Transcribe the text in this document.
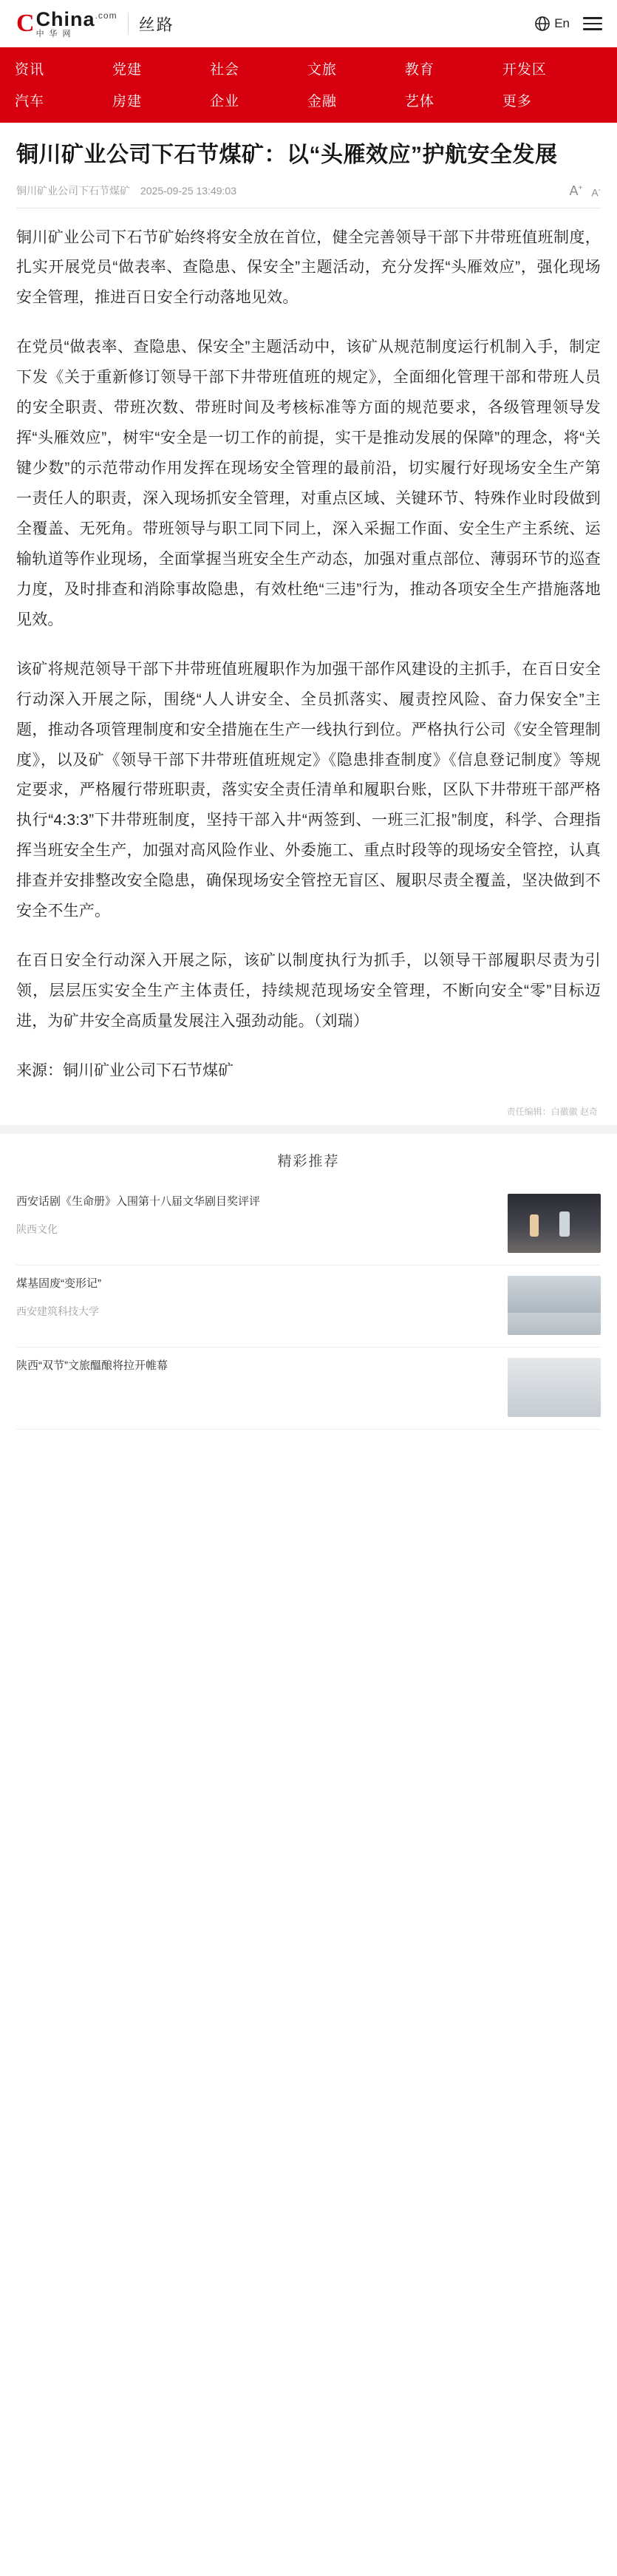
C China$^{.com}$
中华网
丝路	En
资讯	党建	社会	文旅	教育	开发区
汽车	房建	企业	金融	艺体	更多
铜川矿业公司下石节煤矿：以“头雁效应”护航安全发展
铜川矿业公司下石节煤矿 2025-09-25 13:49:03	A+ A-

铜川矿业公司下石节矿始终将安全放在首位，健全完善领导干部下井带班值班制度，扎实开展党员“做表率、查隐患、保安全”主题活动，充分发挥“头雁效应”，强化现场安全管理，推进百日安全行动落地见效。

在党员“做表率、查隐患、保安全”主题活动中，该矿从规范制度运行机制入手，制定下发《关于重新修订领导干部下井带班值班的规定》，全面细化管理干部和带班人员的安全职责、带班次数、带班时间及考核标准等方面的规范要求，各级管理领导发挥“头雁效应”，树牢“安全是一切工作的前提，实干是推动发展的保障”的理念，将“关键少数”的示范带动作用发挥在现场安全管理的最前沿，切实履行好现场安全生产第一责任人的职责，深入现场抓安全管理，对重点区域、关键环节、特殊作业时段做到全覆盖、无死角。带班领导与职工同下同上，深入采掘工作面、安全生产主系统、运输轨道等作业现场，全面掌握当班安全生产动态，加强对重点部位、薄弱环节的巡查力度，及时排查和消除事故隐患，有效杜绝“三违”行为，推动各项安全生产措施落地见效。

该矿将规范领导干部下井带班值班履职作为加强干部作风建设的主抓手，在百日安全行动深入开展之际，围绕“人人讲安全、全员抓落实、履责控风险、奋力保安全”主题，推动各项管理制度和安全措施在生产一线执行到位。严格执行公司《安全管理制度》，以及矿《领导干部下井带班值班规定》《隐患排查制度》《信息登记制度》等规定要求，严格履行带班职责，落实安全责任清单和履职台账，区队下井带班干部严格执行“4:3:3”下井带班制度，坚持干部入井“两签到、一班三汇报”制度，科学、合理指挥当班安全生产，加强对高风险作业、外委施工、重点时段等的现场安全管控，认真排查并安排整改安全隐患，确保现场安全管控无盲区、履职尽责全覆盖，坚决做到不安全不生产。

在百日安全行动深入开展之际，该矿以制度执行为抓手，以领导干部履职尽责为引领，层层压实安全生产主体责任，持续规范现场安全管理，不断向安全“零”目标迈进，为矿井安全高质量发展注入强劲动能。（刘瑞）

来源：铜川矿业公司下石节煤矿

责任编辑：白徽徽 赵奇
精彩推荐
西安话剧《生命册》入围第十八届文华剧目奖评评
陕西文化
煤基固废“变形记”
西安建筑科技大学
陕西“双节”文旅醞酿将拉开帷幕
